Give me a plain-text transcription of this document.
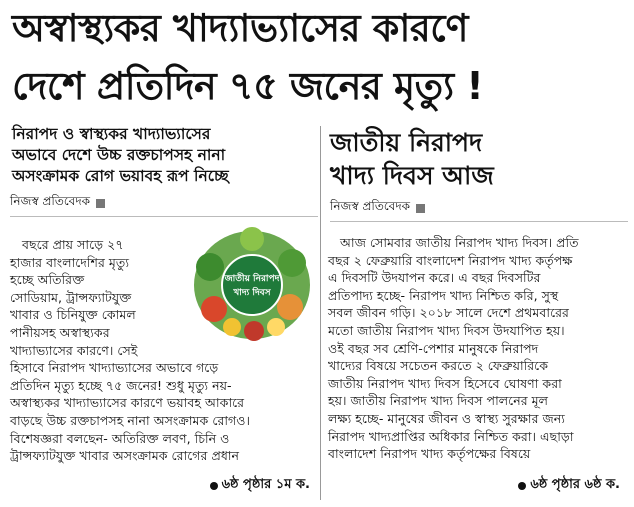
অস্বাস্থ্যকর খাদ্যাভ্যাসের কারণে
দেশে প্রতিদিন ৭৫ জনের মৃত্যু !
নিরাপদ ও স্বাস্থ্যকর খাদ্যাভ্যাসের
অভাবে দেশে উচ্চ রক্তচাপসহ নানা
অসংক্রামক রোগ ভয়াবহ রূপ নিচ্ছে
নিজস্ব প্রতিবেদক
জাতীয় নিরাপদ
খাদ্য দিবস
বছরে প্রায় সাড়ে ২৭
হাজার বাংলাদেশির মৃত্যু
হচ্ছে অতিরিক্ত
সোডিয়াম, ট্রান্সফ্যাটযুক্ত
খাবার ও চিনিযুক্ত কোমল
পানীয়সহ অস্বাস্থ্যকর
খাদ্যাভ্যাসের কারণে। সেই
হিসাবে নিরাপদ খাদ্যাভ্যাসের অভাবে গড়ে
প্রতিদিন মৃত্যু হচ্ছে ৭৫ জনের! শুধু মৃত্যু নয়-
অস্বাস্থ্যকর খাদ্যাভ্যাসের কারণে ভয়াবহ আকারে
বাড়ছে উচ্চ রক্তচাপসহ নানা অসংক্রামক রোগও।
বিশেষজ্ঞরা বলছেন- অতিরিক্ত লবণ, চিনি ও
ট্রান্সফ্যাটযুক্ত খাবার অসংক্রামক রোগের প্রধান
৬ষ্ঠ পৃষ্ঠার ১ম ক.
জাতীয় নিরাপদ
খাদ্য দিবস আজ
নিজস্ব প্রতিবেদক
আজ সোমবার জাতীয় নিরাপদ খাদ্য দিবস। প্রতি
বছর ২ ফেব্রুয়ারি বাংলাদেশ নিরাপদ খাদ্য কর্তৃপক্ষ
এ দিবসটি উদযাপন করে। এ বছর দিবসটির
প্রতিপাদ্য হচ্ছে- নিরাপদ খাদ্য নিশ্চিত করি, সুস্থ
সবল জীবন গড়ি। ২০১৮ সালে দেশে প্রথমবারের
মতো জাতীয় নিরাপদ খাদ্য দিবস উদযাপিত হয়।
ওই বছর সব শ্রেণি-পেশার মানুষকে নিরাপদ
খাদ্যের বিষয়ে সচেতন করতে ২ ফেব্রুয়ারিকে
জাতীয় নিরাপদ খাদ্য দিবস হিসেবে ঘোষণা করা
হয়। জাতীয় নিরাপদ খাদ্য দিবস পালনের মূল
লক্ষ্য হচ্ছে- মানুষের জীবন ও স্বাস্থ্য সুরক্ষার জন্য
নিরাপদ খাদ্যপ্রাপ্তির অধিকার নিশ্চিত করা। এছাড়া
বাংলাদেশ নিরাপদ খাদ্য কর্তৃপক্ষের বিষয়ে
৬ষ্ঠ পৃষ্ঠার ৬ষ্ঠ ক.
